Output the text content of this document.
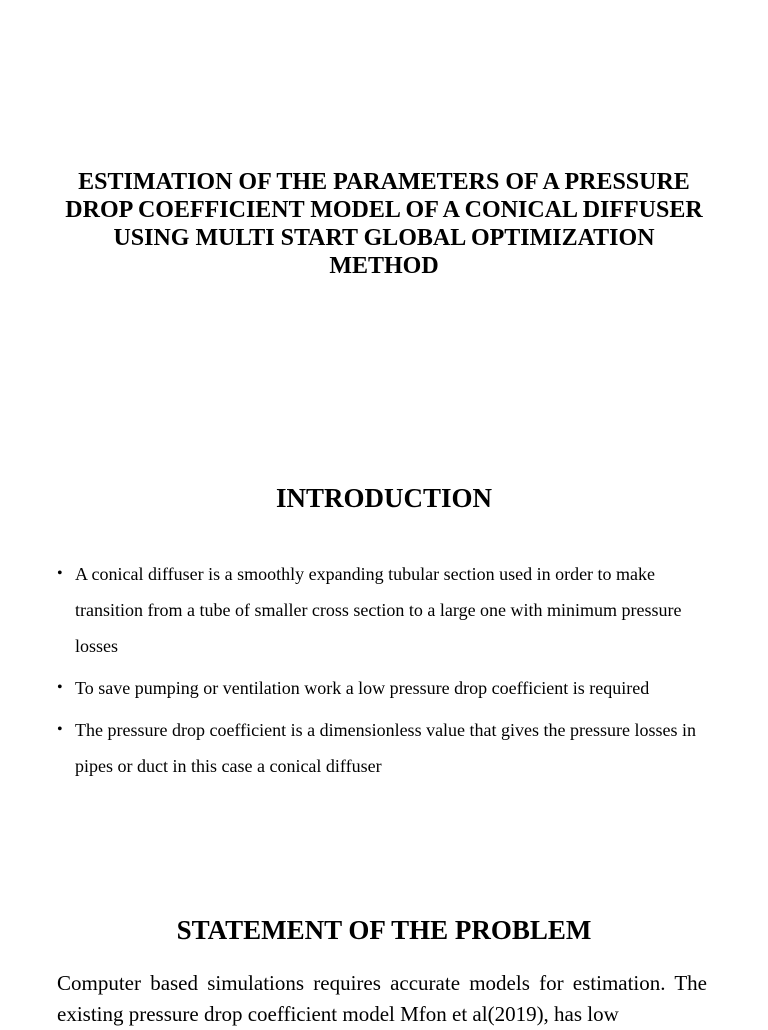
ESTIMATION OF THE PARAMETERS OF A PRESSURE DROP COEFFICIENT MODEL OF A CONICAL DIFFUSER USING MULTI START GLOBAL OPTIMIZATION METHOD
INTRODUCTION
• A conical diffuser is a smoothly expanding tubular section used in order to make transition from a tube of smaller cross section to a large one with minimum pressure losses
• To save pumping or ventilation work a low pressure drop coefficient is required
• The pressure drop coefficient is a dimensionless value that gives the pressure losses in pipes or duct in this case a conical diffuser
STATEMENT OF THE PROBLEM

Computer based simulations requires accurate models for estimation. The existing pressure drop coefficient model Mfon et al(2019), has low
